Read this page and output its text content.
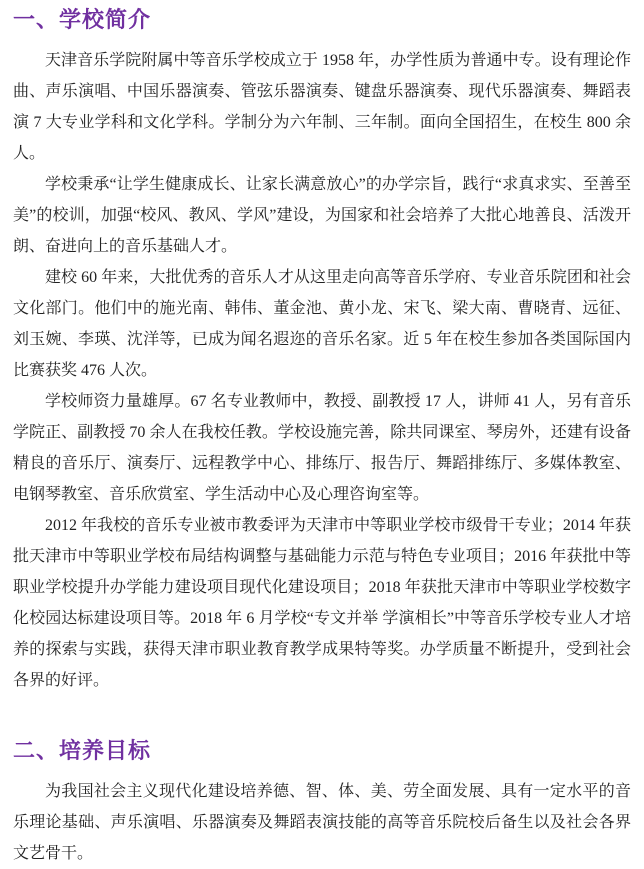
一、学校简介

天津音乐学院附属中等音乐学校成立于 1958 年，办学性质为普通中专。设有理论作曲、声乐演唱、中国乐器演奏、管弦乐器演奏、键盘乐器演奏、现代乐器演奏、舞蹈表演 7 大专业学科和文化学科。学制分为六年制、三年制。面向全国招生，在校生 800 余人。

学校秉承“让学生健康成长、让家长满意放心”的办学宗旨，践行“求真求实、至善至美”的校训，加强“校风、教风、学风”建设，为国家和社会培养了大批心地善良、活泼开朗、奋进向上的音乐基础人才。

建校 60 年来，大批优秀的音乐人才从这里走向高等音乐学府、专业音乐院团和社会文化部门。他们中的施光南、韩伟、董金池、黄小龙、宋飞、梁大南、曹晓青、远征、刘玉婉、李瑛、沈洋等，已成为闻名遐迩的音乐名家。近 5 年在校生参加各类国际国内比赛获奖 476 人次。

学校师资力量雄厚。67 名专业教师中，教授、副教授 17 人，讲师 41 人，另有音乐学院正、副教授 70 余人在我校任教。学校设施完善，除共同课室、琴房外，还建有设备精良的音乐厅、演奏厅、远程教学中心、排练厅、报告厅、舞蹈排练厅、多媒体教室、电钢琴教室、音乐欣赏室、学生活动中心及心理咨询室等。

2012 年我校的音乐专业被市教委评为天津市中等职业学校市级骨干专业；2014 年获批天津市中等职业学校布局结构调整与基础能力示范与特色专业项目；2016 年获批中等职业学校提升办学能力建设项目现代化建设项目；2018 年获批天津市中等职业学校数字化校园达标建设项目等。2018 年 6 月学校“专文并举 学演相长”中等音乐学校专业人才培养的探索与实践，获得天津市职业教育教学成果特等奖。办学质量不断提升，受到社会各界的好评。

二、培养目标

为我国社会主义现代化建设培养德、智、体、美、劳全面发展、具有一定水平的音乐理论基础、声乐演唱、乐器演奏及舞蹈表演技能的高等音乐院校后备生以及社会各界文艺骨干。
